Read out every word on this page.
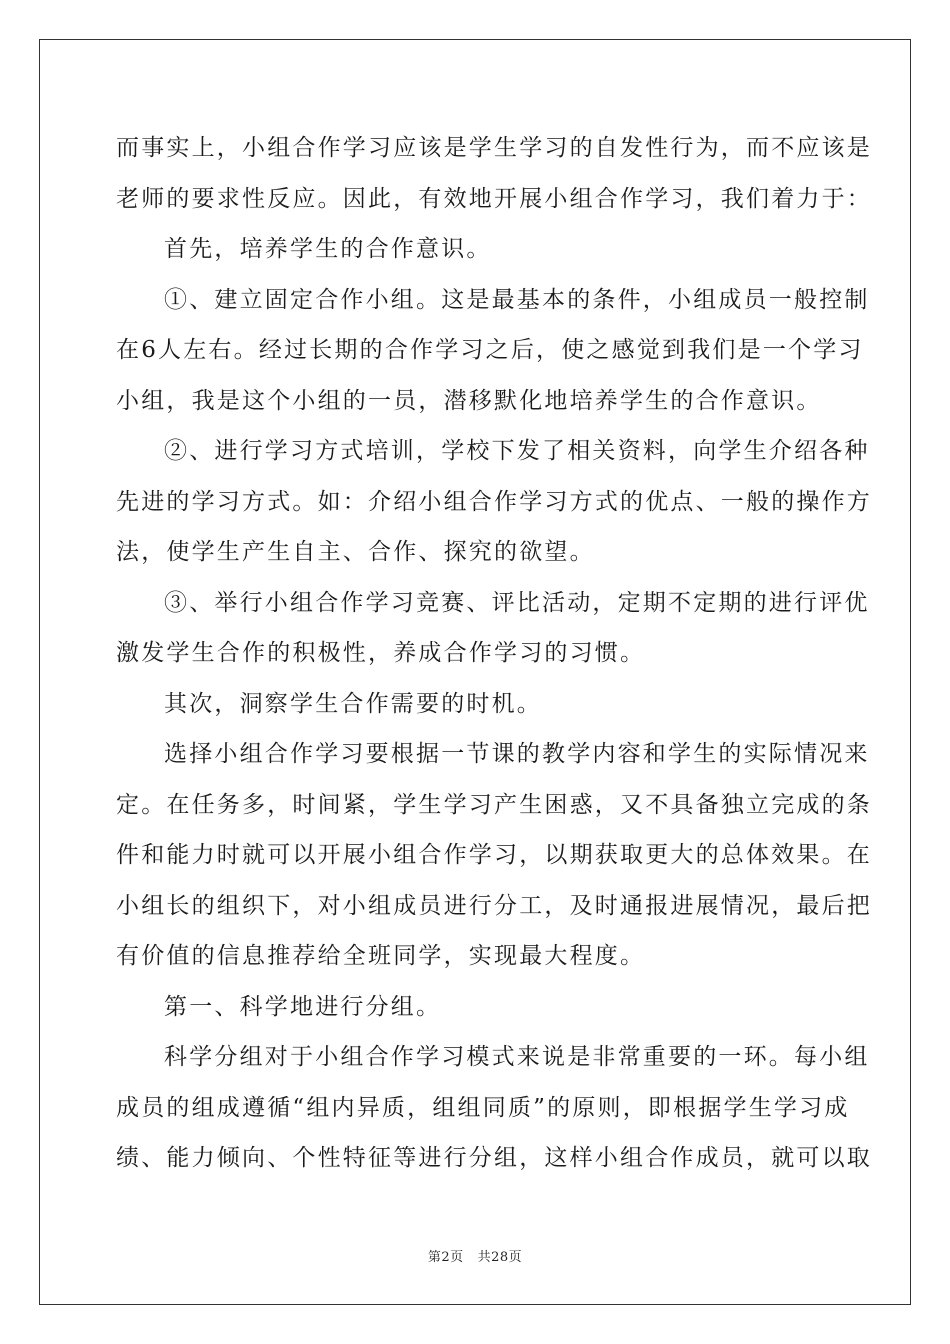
而事实上，小组合作学习应该是学生学习的自发性行为，而不应该是
老师的要求性反应。因此，有效地开展小组合作学习，我们着力于：
首先，培养学生的合作意识。
①、建立固定合作小组。这是最基本的条件，小组成员一般控制
在6人左右。经过长期的合作学习之后，使之感觉到我们是一个学习
小组，我是这个小组的一员，潜移默化地培养学生的合作意识。
②、进行学习方式培训，学校下发了相关资料，向学生介绍各种
先进的学习方式。如：介绍小组合作学习方式的优点、一般的操作方
法，使学生产生自主、合作、探究的欲望。
③、举行小组合作学习竞赛、评比活动，定期不定期的进行评优
激发学生合作的积极性，养成合作学习的习惯。
其次，洞察学生合作需要的时机。
选择小组合作学习要根据一节课的教学内容和学生的实际情况来
定。在任务多，时间紧，学生学习产生困惑，又不具备独立完成的条
件和能力时就可以开展小组合作学习，以期获取更大的总体效果。在
小组长的组织下，对小组成员进行分工，及时通报进展情况，最后把
有价值的信息推荐给全班同学，实现最大程度。
第一、科学地进行分组。
科学分组对于小组合作学习模式来说是非常重要的一环。每小组
成员的组成遵循“组内异质，组组同质”的原则，即根据学生学习成
绩、能力倾向、个性特征等进行分组，这样小组合作成员，就可以取
第2页 共28页
